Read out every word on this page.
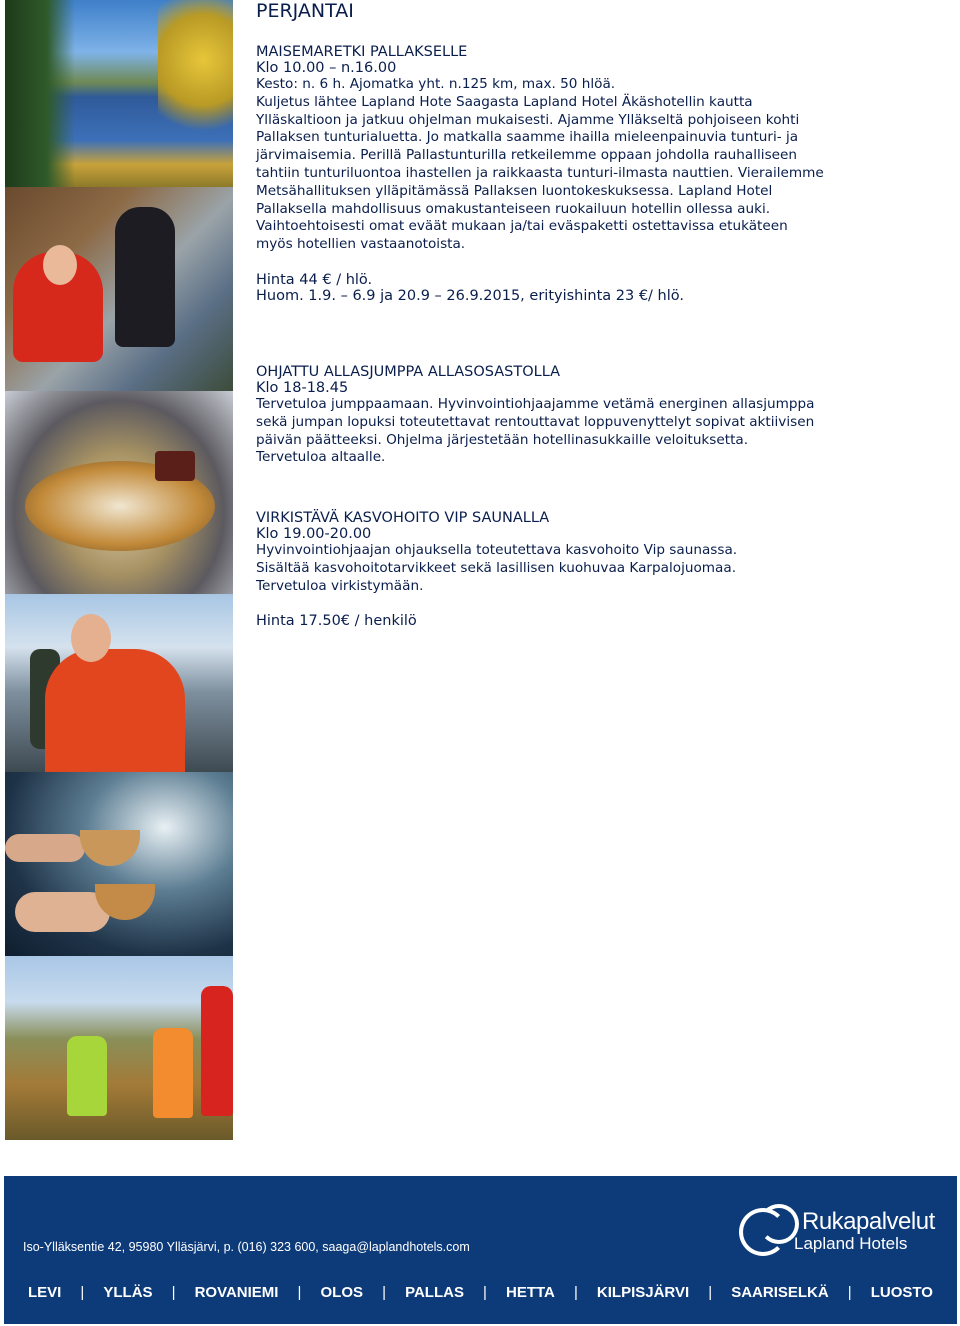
PERJANTAI
MAISEMARETKI PALLAKSELLE
Klo 10.00 – n.16.00
Kesto: n. 6 h. Ajomatka yht. n.125 km, max. 50 hlöä.
Kuljetus lähtee Lapland Hote Saagasta Lapland Hotel Äkäshotellin kautta
Ylläskaltioon ja jatkuu ohjelman mukaisesti. Ajamme Ylläkseltä pohjoiseen kohti
Pallaksen tunturialuetta. Jo matkalla saamme ihailla mieleenpainuvia tunturi- ja
järvimaisemia. Perillä Pallastunturilla retkeilemme oppaan johdolla rauhalliseen
tahtiin tunturiluontoa ihastellen ja raikkaasta tunturi-ilmasta nauttien. Vierailemme
Metsähallituksen ylläpitämässä Pallaksen luontokeskuksessa. Lapland Hotel
Pallaksella mahdollisuus omakustanteiseen ruokailuun hotellin ollessa auki.
Vaihtoehtoisesti omat eväät mukaan ja/tai eväspaketti ostettavissa etukäteen
myös hotellien vastaanotoista.
Hinta 44 € / hlö.
Huom. 1.9. – 6.9 ja 20.9 – 26.9.2015, erityishinta 23 €/ hlö.
OHJATTU ALLASJUMPPA ALLASOSASTOLLA
Klo 18-18.45
Tervetuloa jumppaamaan. Hyvinvointiohjaajamme vetämä energinen allasjumppa
sekä jumpan lopuksi toteutettavat rentouttavat loppuvenyttelyt sopivat aktiivisen
päivän päätteeksi. Ohjelma järjestetään hotellinasukkaille veloituksetta.
Tervetuloa altaalle.
VIRKISTÄVÄ KASVOHOITO VIP SAUNALLA
Klo 19.00-20.00
Hyvinvointiohjaajan ohjauksella toteutettava kasvohoito Vip saunassa.
Sisältää kasvohoitotarvikkeet sekä lasillisen kuohuvaa Karpalojuomaa.
Tervetuloa virkistymään.
Hinta 17.50€ / henkilö
Iso-Ylläksentie 42, 95980 Ylläsjärvi, p. (016) 323 600, saaga@laplandhotels.com
Rukapalvelut
Lapland Hotels
LEVI | YLLÄS | ROVANIEMI | OLOS | PALLAS | HETTA | KILPISJÄRVI | SAARISELKÄ | LUOSTO
